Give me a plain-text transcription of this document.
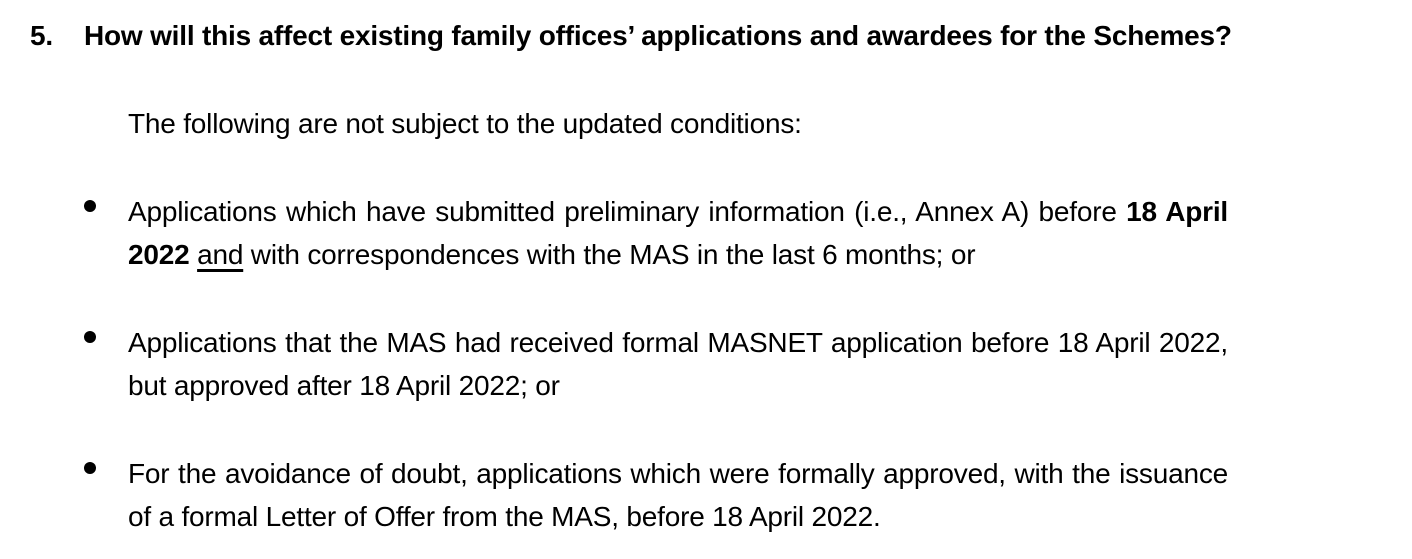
5.	How will this affect existing family offices’ applications and awardees for the Schemes?

The following are not subject to the updated conditions:

Applications which have submitted preliminary information (i.e., Annex A) before 18 April 2022 and with correspondences with the MAS in the last 6 months; or

Applications that the MAS had received formal MASNET application before 18 April 2022, but approved after 18 April 2022; or

For the avoidance of doubt, applications which were formally approved, with the issuance of a formal Letter of Offer from the MAS, before 18 April 2022.
